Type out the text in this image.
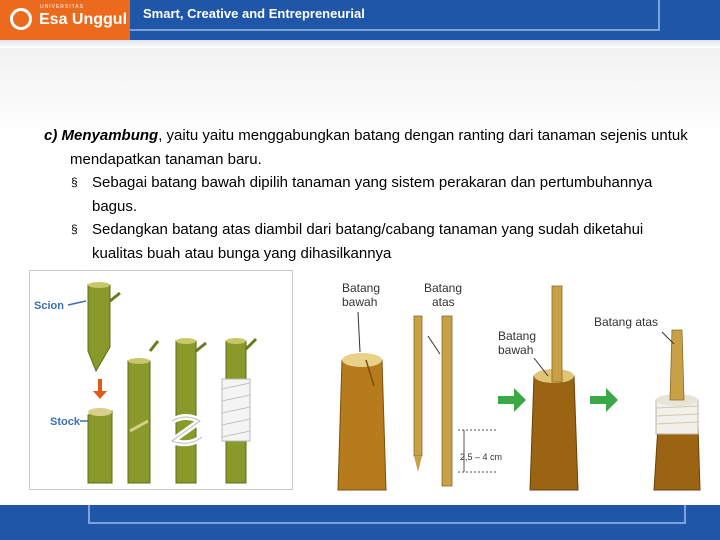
UNIVERSITAS
Esa Unggul Smart, Creative and Entrepreneurial

c) Menyambung, yaitu yaitu menggabungkan batang dengan ranting dari tanaman sejenis untuk mendapatkan tanaman baru.

§ Sebagai batang bawah dipilih tanaman yang sistem perakaran dan pertumbuhannya bagus.

§ Sedangkan batang atas diambil dari batang/cabang tanaman yang sudah diketahui kualitas buah atau bunga yang dihasilkannya

Scion
Stock
Batang
bawah
Batang
atas
Batang
bawah
Batang atas
2,5 – 4 cm
